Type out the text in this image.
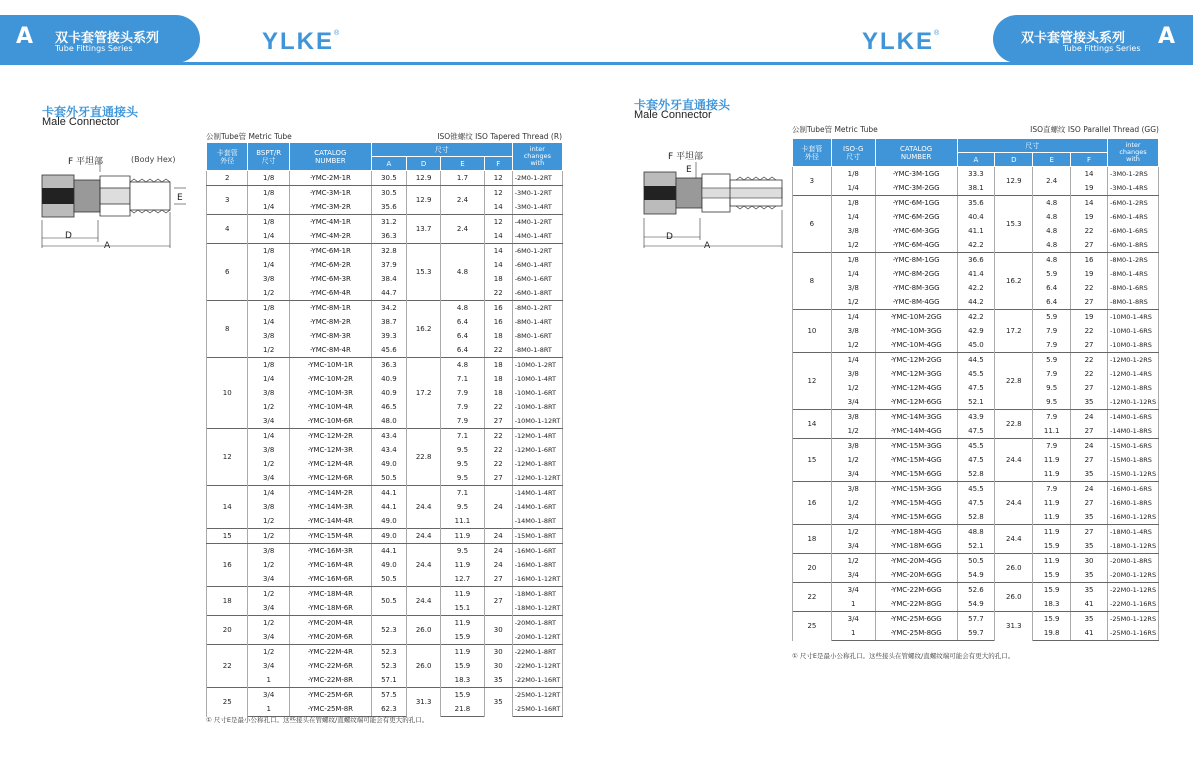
A 双卡套管接头系列
Tube Fittings Series	YLKE®	YLKE®	双卡套管接头系列
Tube Fittings Series A
卡套外牙直通接头
Male Connector
F 平坦部	(Body Hex)
E
D
A
公制Tube管 Metric Tube	ISO锥螺纹 ISO Tapered Thread (R)
卡套管
外径	BSPT/R
尺寸	CATALOG
NUMBER	尺寸				inter
changes
with
			A	D	E	F	
2	1/8	-YMC-2M-1R	30.5	12.9	1.7	12	-2M0-1-2RT
3	1/8	-YMC-3M-1R	30.5	12.9	2.4	12	-3M0-1-2RT
	1/4	-YMC-3M-2R	35.6			14	-3M0-1-4RT
4	1/8	-YMC-4M-1R	31.2	13.7	2.4	12	-4M0-1-2RT
	1/4	-YMC-4M-2R	36.3			14	-4M0-1-4RT
6	1/8	-YMC-6M-1R	32.8	15.3	4.8	14	-6M0-1-2RT
	1/4	-YMC-6M-2R	37.9			14	-6M0-1-4RT
	3/8	-YMC-6M-3R	38.4			18	-6M0-1-6RT
	1/2	-YMC-6M-4R	44.7			22	-6M0-1-8RT
8	1/8	-YMC-8M-1R	34.2	16.2	4.8	16	-8M0-1-2RT
	1/4	-YMC-8M-2R	38.7		6.4	16	-8M0-1-4RT
	3/8	-YMC-8M-3R	39.3		6.4	18	-8M0-1-6RT
	1/2	-YMC-8M-4R	45.6		6.4	22	-8M0-1-8RT
10	1/8	-YMC-10M-1R	36.3	17.2	4.8	18	-10M0-1-2RT
	1/4	-YMC-10M-2R	40.9		7.1	18	-10M0-1-4RT
	3/8	-YMC-10M-3R	40.9		7.9	18	-10M0-1-6RT
	1/2	-YMC-10M-4R	46.5		7.9	22	-10M0-1-8RT
	3/4	-YMC-10M-6R	48.0		7.9	27	-10M0-1-12RT
12	1/4	-YMC-12M-2R	43.4	22.8	7.1	22	-12M0-1-4RT
	3/8	-YMC-12M-3R	43.4		9.5	22	-12M0-1-6RT
	1/2	-YMC-12M-4R	49.0		9.5	22	-12M0-1-8RT
	3/4	-YMC-12M-6R	50.5		9.5	27	-12M0-1-12RT
14	1/4	-YMC-14M-2R	44.1	24.4	7.1	24	-14M0-1-4RT
	3/8	-YMC-14M-3R	44.1		9.5		-14M0-1-6RT
	1/2	-YMC-14M-4R	49.0		11.1		-14M0-1-8RT
15	1/2	-YMC-15M-4R	49.0	24.4	11.9	24	-15M0-1-8RT
16	3/8	-YMC-16M-3R	44.1	24.4	9.5	24	-16M0-1-6RT
	1/2	-YMC-16M-4R	49.0		11.9	24	-16M0-1-8RT
	3/4	-YMC-16M-6R	50.5		12.7	27	-16M0-1-12RT
18	1/2	-YMC-18M-4R	50.5	24.4	11.9	27	-18M0-1-8RT
	3/4	-YMC-18M-6R			15.1		-18M0-1-12RT
20	1/2	-YMC-20M-4R	52.3	26.0	11.9	30	-20M0-1-8RT
	3/4	-YMC-20M-6R			15.9		-20M0-1-12RT
22	1/2	-YMC-22M-4R	52.3	26.0	11.9	30	-22M0-1-8RT
	3/4	-YMC-22M-6R	52.3		15.9	30	-22M0-1-12RT
	1	-YMC-22M-8R	57.1		18.3	35	-22M0-1-16RT
25	3/4	-YMC-25M-6R	57.5	31.3	15.9	35	-25M0-1-12RT
	1	-YMC-25M-8R	62.3		21.8		-25M0-1-16RT
① 尺寸E是最小公称孔口。这些接头在管螺纹/直螺纹端可能会有更大的孔口。
卡套外牙直通接头
Male Connector
F 平坦部
E
D
A
公制Tube管 Metric Tube	ISO直螺纹 ISO Parallel Thread (GG)
卡套管
外径	ISO-G
尺寸	CATALOG
NUMBER	尺寸				inter
changes
with
			A	D	E	F	
3	1/8	-YMC-3M-1GG	33.3	12.9	2.4	14	-3M0-1-2RS
	1/4	-YMC-3M-2GG	38.1			19	-3M0-1-4RS
6	1/8	-YMC-6M-1GG	35.6	15.3	4.8	14	-6M0-1-2RS
	1/4	-YMC-6M-2GG	40.4		4.8	19	-6M0-1-4RS
	3/8	-YMC-6M-3GG	41.1		4.8	22	-6M0-1-6RS
	1/2	-YMC-6M-4GG	42.2		4.8	27	-6M0-1-8RS
8	1/8	-YMC-8M-1GG	36.6	16.2	4.8	16	-8M0-1-2RS
	1/4	-YMC-8M-2GG	41.4		5.9	19	-8M0-1-4RS
	3/8	-YMC-8M-3GG	42.2		6.4	22	-8M0-1-6RS
	1/2	-YMC-8M-4GG	44.2		6.4	27	-8M0-1-8RS
10	1/4	-YMC-10M-2GG	42.2	17.2	5.9	19	-10M0-1-4RS
	3/8	-YMC-10M-3GG	42.9		7.9	22	-10M0-1-6RS
	1/2	-YMC-10M-4GG	45.0		7.9	27	-10M0-1-8RS
12	1/4	-YMC-12M-2GG	44.5	22.8	5.9	22	-12M0-1-2RS
	3/8	-YMC-12M-3GG	45.5		7.9	22	-12M0-1-4RS
	1/2	-YMC-12M-4GG	47.5		9.5	27	-12M0-1-8RS
	3/4	-YMC-12M-6GG	52.1		9.5	35	-12M0-1-12RS
14	3/8	-YMC-14M-3GG	43.9	22.8	7.9	24	-14M0-1-6RS
	1/2	-YMC-14M-4GG	47.5		11.1	27	-14M0-1-8RS
15	3/8	-YMC-15M-3GG	45.5	24.4	7.9	24	-15M0-1-6RS
	1/2	-YMC-15M-4GG	47.5		11.9	27	-15M0-1-8RS
	3/4	-YMC-15M-6GG	52.8		11.9	35	-15M0-1-12RS
16	3/8	-YMC-15M-3GG	45.5	24.4	7.9	24	-16M0-1-6RS
	1/2	-YMC-15M-4GG	47.5		11.9	27	-16M0-1-8RS
	3/4	-YMC-15M-6GG	52.8		11.9	35	-16M0-1-12RS
18	1/2	-YMC-18M-4GG	48.8	24.4	11.9	27	-18M0-1-4RS
	3/4	-YMC-18M-6GG	52.1		15.9	35	-18M0-1-12RS
20	1/2	-YMC-20M-4GG	50.5	26.0	11.9	30	-20M0-1-8RS
	3/4	-YMC-20M-6GG	54.9		15.9	35	-20M0-1-12RS
22	3/4	-YMC-22M-6GG	52.6	26.0	15.9	35	-22M0-1-12RS
	1	-YMC-22M-8GG	54.9		18.3	41	-22M0-1-16RS
25	3/4	-YMC-25M-6GG	57.7	31.3	15.9	35	-25M0-1-12RS
	1	-YMC-25M-8GG	59.7		19.8	41	-25M0-1-16RS
① 尺寸E是最小公称孔口。这些接头在管螺纹/直螺纹端可能会有更大的孔口。
